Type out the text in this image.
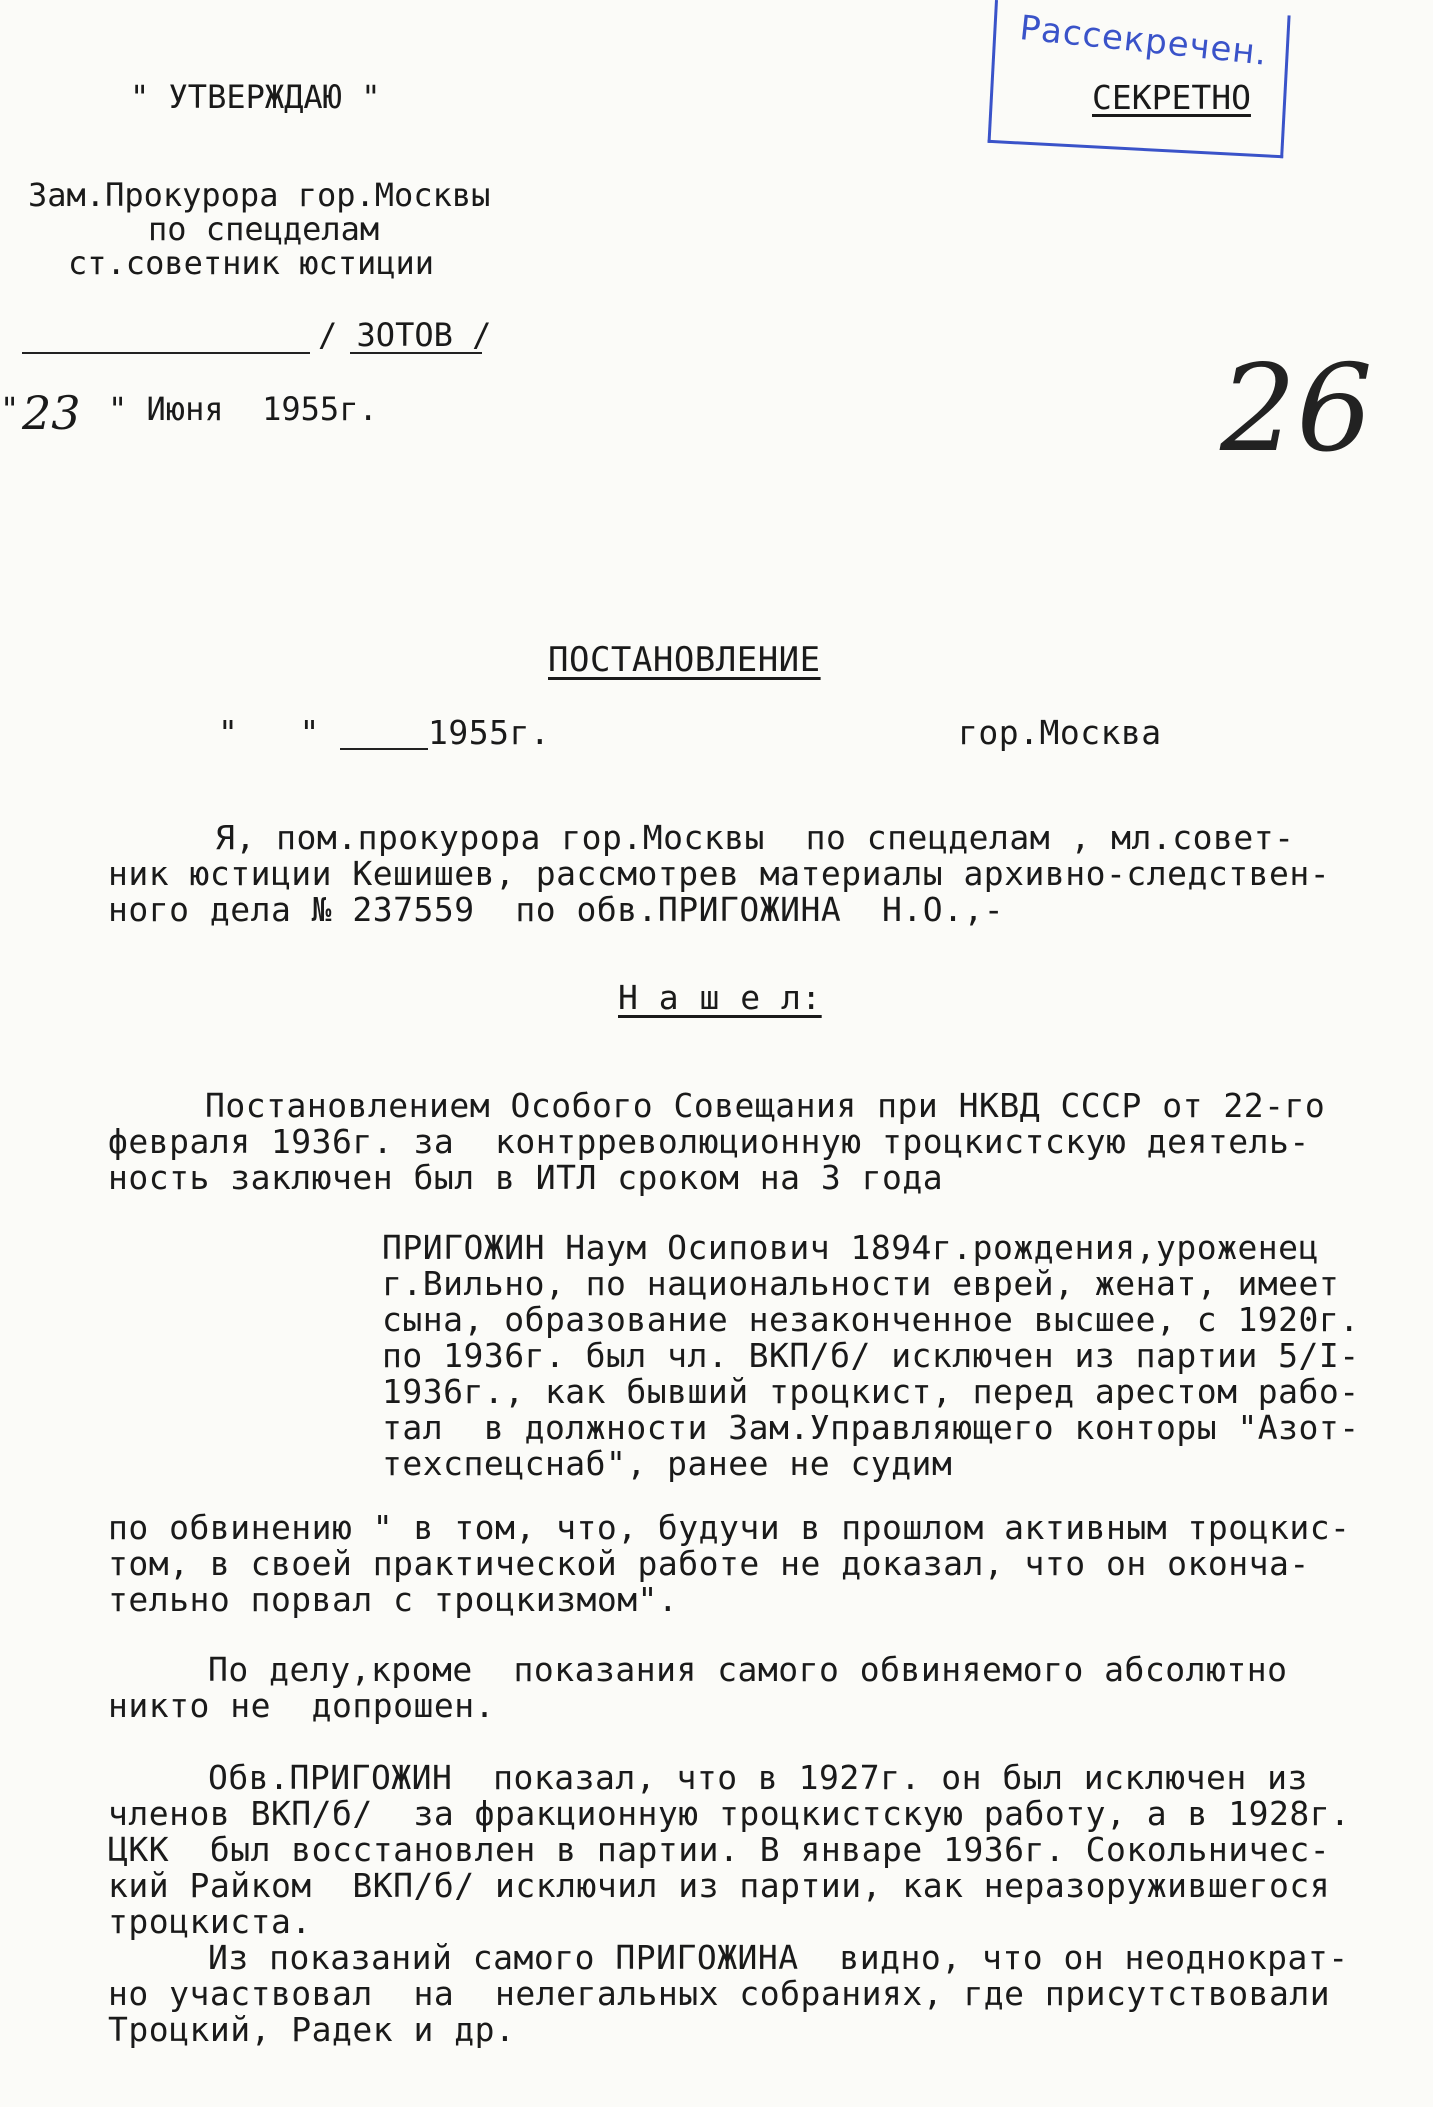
Рассекречен.
СЕКРЕТНО
" УТВЕРЖДАЮ "
Зам.Прокурора гор.Москвы
по спецделам
ст.советник юстиции
/ ЗОТОВ /
" 23 " Июня  1955г.	26
ПОСТАНОВЛЕНИЕ
"   "	1955г.	гор.Москва
Я, пом.прокурора гор.Москвы  по спецделам , мл.совет-
ник юстиции Кешишев, рассмотрев материалы архивно-следствен-
ного дела № 237559  по обв.ПРИГОЖИНА  Н.О.,-
Н а ш е л:
Постановлением Особого Совещания при НКВД СССР от 22-го
февраля 1936г. за  контрреволюционную троцкистскую деятель-
ность заключен был в ИТЛ сроком на 3 года
ПРИГОЖИН Наум Осипович 1894г.рождения,уроженец
г.Вильно, по национальности еврей, женат, имеет
сына, образование незаконченное высшее, с 1920г.
по 1936г. был чл. ВКП/б/ исключен из партии 5/I-
1936г., как бывший троцкист, перед арестом рабо-
тал  в должности Зам.Управляющего конторы "Азот-
техспецснаб", ранее не судим
по обвинению " в том, что, будучи в прошлом активным троцкис-
том, в своей практической работе не доказал, что он оконча-
тельно порвал с троцкизмом".
По делу,кроме  показания самого обвиняемого абсолютно
никто не  допрошен.
Обв.ПРИГОЖИН  показал, что в 1927г. он был исключен из
членов ВКП/б/  за фракционную троцкистскую работу, а в 1928г.
ЦКК  был восстановлен в партии. В январе 1936г. Сокольничес-
кий Райком  ВКП/б/ исключил из партии, как неразоружившегося
троцкиста.
Из показаний самого ПРИГОЖИНА  видно, что он неоднократ-
но участвовал  на  нелегальных собраниях, где присутствовали
Троцкий, Радек и др.
